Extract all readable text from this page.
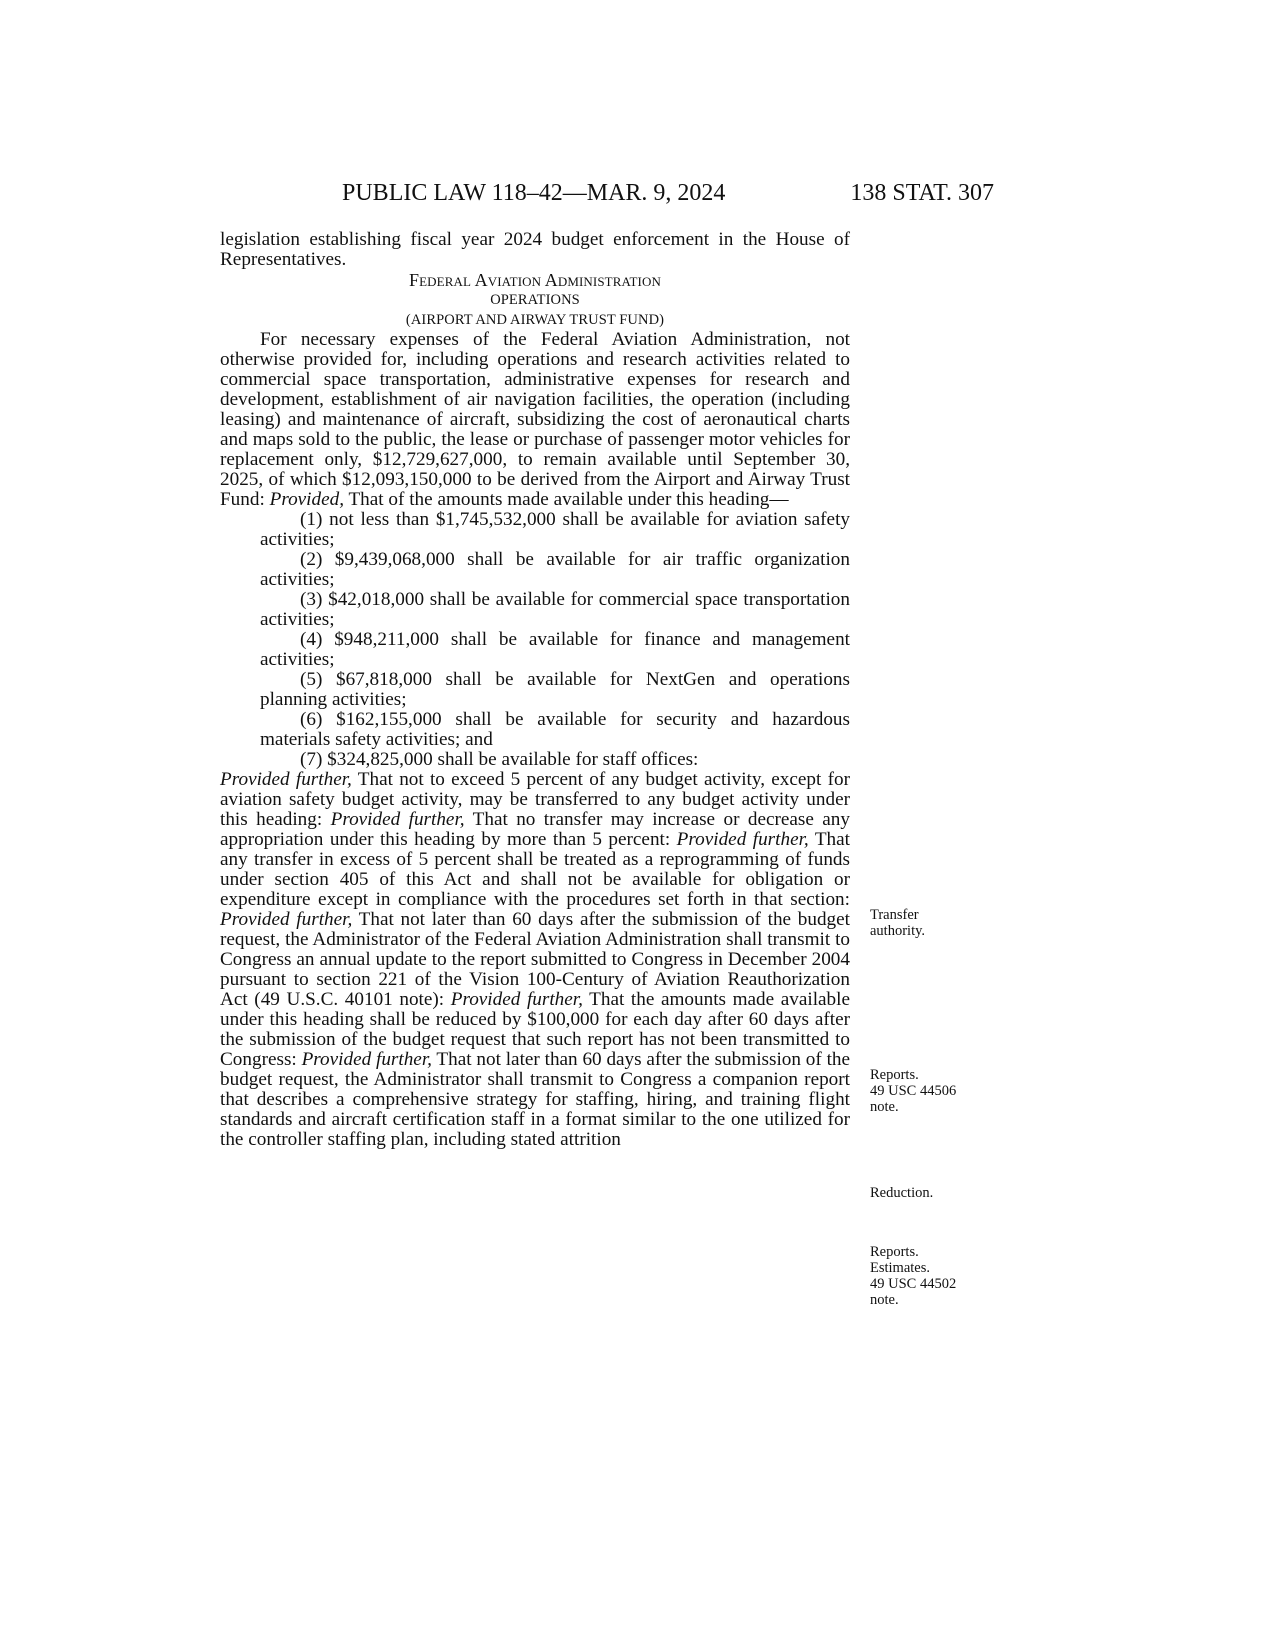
PUBLIC LAW 118–42—MAR. 9, 2024	138 STAT. 307

legislation establishing fiscal year 2024 budget enforcement in the House of Representatives.

Federal Aviation Administration

OPERATIONS

(AIRPORT AND AIRWAY TRUST FUND)

For necessary expenses of the Federal Aviation Administration, not otherwise provided for, including operations and research activities related to commercial space transportation, administrative expenses for research and development, establishment of air navigation facilities, the operation (including leasing) and maintenance of aircraft, subsidizing the cost of aeronautical charts and maps sold to the public, the lease or purchase of passenger motor vehicles for replacement only, $12,729,627,000, to remain available until September 30, 2025, of which $12,093,150,000 to be derived from the Airport and Airway Trust Fund: Provided, That of the amounts made available under this heading—

(1) not less than $1,745,532,000 shall be available for aviation safety activities;

(2) $9,439,068,000 shall be available for air traffic organization activities;

(3) $42,018,000 shall be available for commercial space transportation activities;

(4) $948,211,000 shall be available for finance and management activities;

(5) $67,818,000 shall be available for NextGen and operations planning activities;

(6) $162,155,000 shall be available for security and hazardous materials safety activities; and

(7) $324,825,000 shall be available for staff offices:

Provided further, That not to exceed 5 percent of any budget activity, except for aviation safety budget activity, may be transferred to any budget activity under this heading: Provided further, That no transfer may increase or decrease any appropriation under this heading by more than 5 percent: Provided further, That any transfer in excess of 5 percent shall be treated as a reprogramming of funds under section 405 of this Act and shall not be available for obligation or expenditure except in compliance with the procedures set forth in that section: Provided further, That not later than 60 days after the submission of the budget request, the Administrator of the Federal Aviation Administration shall transmit to Congress an annual update to the report submitted to Congress in December 2004 pursuant to section 221 of the Vision 100-Century of Aviation Reauthorization Act (49 U.S.C. 40101 note): Provided further, That the amounts made available under this heading shall be reduced by $100,000 for each day after 60 days after the submission of the budget request that such report has not been transmitted to Congress: Provided further, That not later than 60 days after the submission of the budget request, the Administrator shall transmit to Congress a companion report that describes a comprehensive strategy for staffing, hiring, and training flight standards and aircraft certification staff in a format similar to the one utilized for the controller staffing plan, including stated attrition

Transfer
authority.
Reports.
49 USC 44506
note.
Reduction.
Reports.
Estimates.
49 USC 44502
note.
